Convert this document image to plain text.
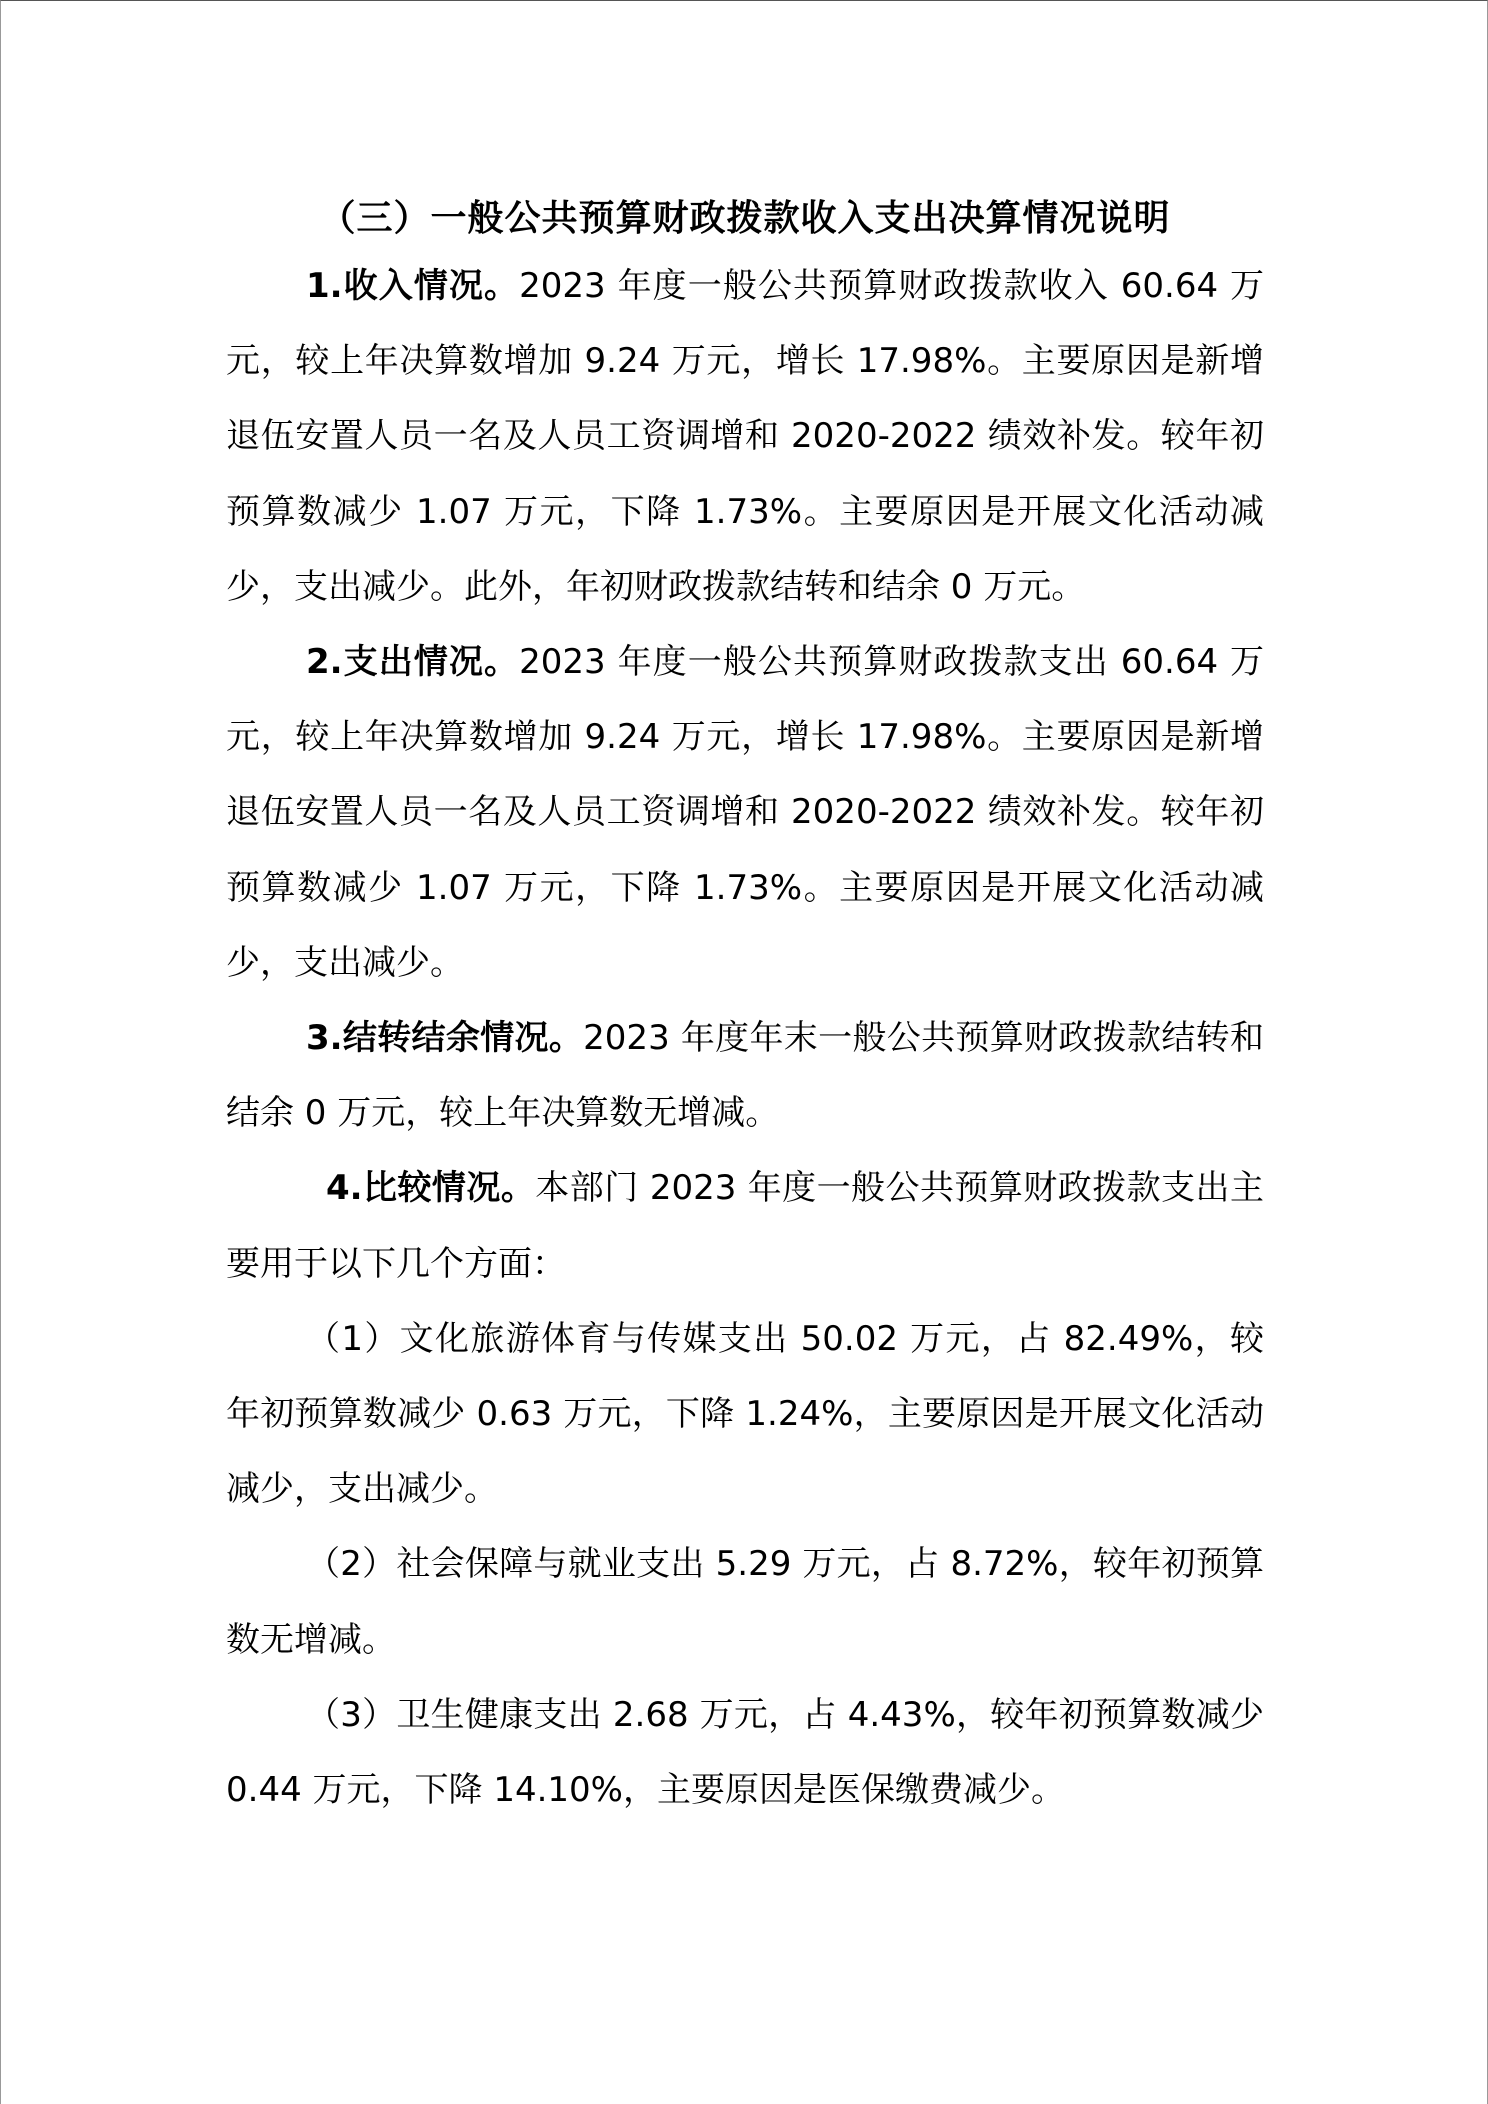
（三）一般公共预算财政拨款收入支出决算情况说明

1.收入情况。2023 年度一般公共预算财政拨款收入 60.64 万元，较上年决算数增加 9.24 万元，增长 17.98%。主要原因是新增退伍安置人员一名及人员工资调增和 2020-2022 绩效补发。较年初预算数减少 1.07 万元，下降 1.73%。主要原因是开展文化活动减少，支出减少。此外，年初财政拨款结转和结余 0 万元。

2.支出情况。2023 年度一般公共预算财政拨款支出 60.64 万元，较上年决算数增加 9.24 万元，增长 17.98%。主要原因是新增退伍安置人员一名及人员工资调增和 2020-2022 绩效补发。较年初预算数减少 1.07 万元，下降 1.73%。主要原因是开展文化活动减少，支出减少。

3.结转结余情况。2023 年度年末一般公共预算财政拨款结转和结余 0 万元，较上年决算数无增减。

4.比较情况。本部门 2023 年度一般公共预算财政拨款支出主要用于以下几个方面：

（1）文化旅游体育与传媒支出 50.02 万元，占 82.49%，较年初预算数减少 0.63 万元，下降 1.24%，主要原因是开展文化活动减少，支出减少。

（2）社会保障与就业支出 5.29 万元，占 8.72%，较年初预算数无增减。

（3）卫生健康支出 2.68 万元，占 4.43%，较年初预算数减少 0.44 万元，下降 14.10%，主要原因是医保缴费减少。
